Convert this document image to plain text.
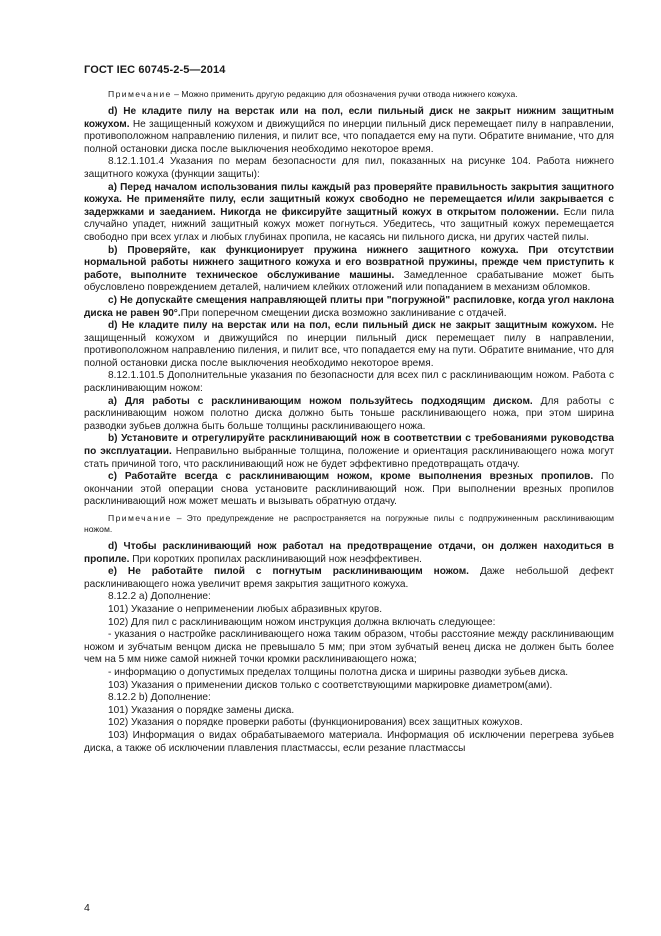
ГОСТ IEC 60745-2-5—2014

Примечание – Можно применить другую редакцию для обозначения ручки отвода нижнего кожуха.

d) Не кладите пилу на верстак или на пол, если пильный диск не закрыт нижним защитным кожухом. Не защищенный кожухом и движущийся по инерции пильный диск перемещает пилу в направлении, противоположном направлению пиления, и пилит все, что попадается ему на пути. Обратите внимание, что для полной остановки диска после выключения необходимо некоторое время.

8.12.1.101.4 Указания по мерам безопасности для пил, показанных на рисунке 104. Работа нижнего защитного кожуха (функции защиты):

a) Перед началом использования пилы каждый раз проверяйте правильность закрытия защитного кожуха. Не применяйте пилу, если защитный кожух свободно не перемещается и/или закрывается с задержками и заеданием. Никогда не фиксируйте защитный кожух в открытом положении. Если пила случайно упадет, нижний защитный кожух может погнуться. Убедитесь, что защитный кожух перемещается свободно при всех углах и любых глубинах пропила, не касаясь ни пильного диска, ни других частей пилы.

b) Проверяйте, как функционирует пружина нижнего защитного кожуха. При отсутствии нормальной работы нижнего защитного кожуха и его возвратной пружины, прежде чем приступить к работе, выполните техническое обслуживание машины. Замедленное срабатывание может быть обусловлено повреждением деталей, наличием клейких отложений или попаданием в механизм обломков.

c) Не допускайте смещения направляющей плиты при "погружной" распиловке, когда угол наклона диска не равен 90°.При поперечном смещении диска возможно заклинивание с отдачей.

d) Не кладите пилу на верстак или на пол, если пильный диск не закрыт защитным кожухом. Не защищенный кожухом и движущийся по инерции пильный диск перемещает пилу в направлении, противоположном направлению пиления, и пилит все, что попадается ему на пути. Обратите внимание, что для полной остановки диска после выключения необходимо некоторое время.

8.12.1.101.5 Дополнительные указания по безопасности для всех пил с расклинивающим ножом. Работа с расклинивающим ножом:

a) Для работы с расклинивающим ножом пользуйтесь подходящим диском. Для работы с расклинивающим ножом полотно диска должно быть тоньше расклинивающего ножа, при этом ширина разводки зубьев должна быть больше толщины расклинивающего ножа.

b) Установите и отрегулируйте расклинивающий нож в соответствии с требованиями руководства по эксплуатации. Неправильно выбранные толщина, положение и ориентация расклинивающего ножа могут стать причиной того, что расклинивающий нож не будет эффективно предотвращать отдачу.

c) Работайте всегда с расклинивающим ножом, кроме выполнения врезных пропилов. По окончании этой операции снова установите расклинивающий нож. При выполнении врезных пропилов расклинивающий нож может мешать и вызывать обратную отдачу.

Примечание – Это предупреждение не распространяется на погружные пилы с подпружиненным расклинивающим ножом.

d) Чтобы расклинивающий нож работал на предотвращение отдачи, он должен находиться в пропиле. При коротких пропилах расклинивающий нож неэффективен.

e) Не работайте пилой с погнутым расклинивающим ножом. Даже небольшой дефект расклинивающего ножа увеличит время закрытия защитного кожуха.

8.12.2 a) Дополнение:

101) Указание о неприменении любых абразивных кругов.

102) Для пил с расклинивающим ножом инструкция должна включать следующее:

- указания о настройке расклинивающего ножа таким образом, чтобы расстояние между расклинивающим ножом и зубчатым венцом диска не превышало 5 мм; при этом зубчатый венец диска не должен быть более чем на 5 мм ниже самой нижней точки кромки расклинивающего ножа;

- информацию о допустимых пределах толщины полотна диска и ширины разводки зубьев диска.

103) Указания о применении дисков только с соответствующими маркировке диаметром(ами).

8.12.2 b) Дополнение:

101) Указания о порядке замены диска.

102) Указания о порядке проверки работы (функционирования) всех защитных кожухов.

103) Информация о видах обрабатываемого материала. Информация об исключении перегрева зубьев диска, а также об исключении плавления пластмассы, если резание пластмассы

4
